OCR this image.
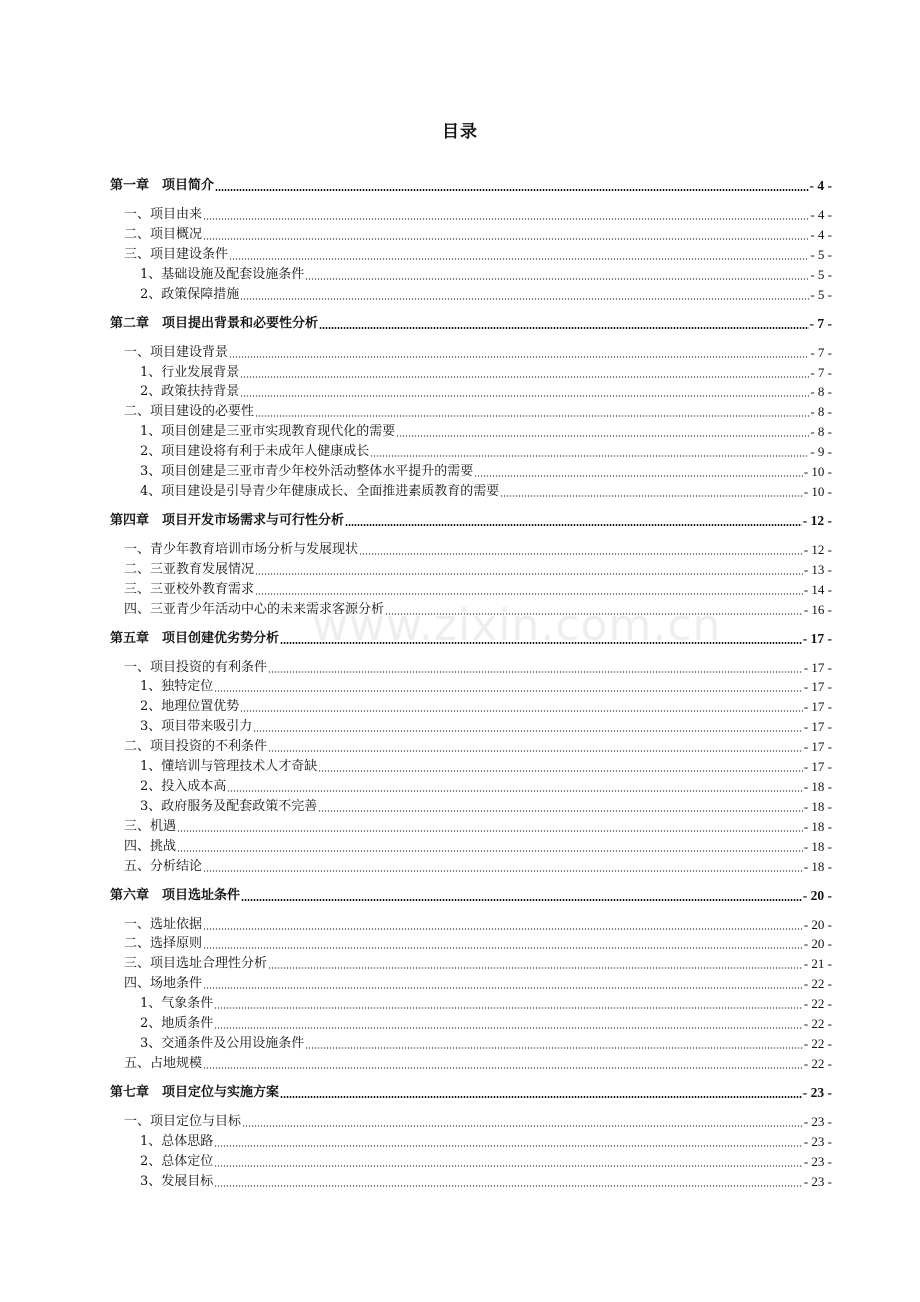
目录
www.zixin.com.cn
第一章　项目简介	- 4 -
一、项目由来	- 4 -
二、项目概况	- 4 -
三、项目建设条件	- 5 -
1、基础设施及配套设施条件	- 5 -
2、政策保障措施	- 5 -
第二章　项目提出背景和必要性分析	- 7 -
一、项目建设背景	- 7 -
1、行业发展背景	- 7 -
2、政策扶持背景	- 8 -
二、项目建设的必要性	- 8 -
1、项目创建是三亚市实现教育现代化的需要	- 8 -
2、项目建设将有利于未成年人健康成长	- 9 -
3、项目创建是三亚市青少年校外活动整体水平提升的需要	- 10 -
4、项目建设是引导青少年健康成长、全面推进素质教育的需要	- 10 -
第四章　项目开发市场需求与可行性分析	- 12 -
一、青少年教育培训市场分析与发展现状	- 12 -
二、三亚教育发展情况	- 13 -
三、三亚校外教育需求	- 14 -
四、三亚青少年活动中心的未来需求客源分析	- 16 -
第五章　项目创建优劣势分析	- 17 -
一、项目投资的有利条件	- 17 -
1、独特定位	- 17 -
2、地理位置优势	- 17 -
3、项目带来吸引力	- 17 -
二、项目投资的不利条件	- 17 -
1、懂培训与管理技术人才奇缺	- 17 -
2、投入成本高	- 18 -
3、政府服务及配套政策不完善	- 18 -
三、机遇	- 18 -
四、挑战	- 18 -
五、分析结论	- 18 -
第六章　项目选址条件	- 20 -
一、选址依据	- 20 -
二、选择原则	- 20 -
三、项目选址合理性分析	- 21 -
四、场地条件	- 22 -
1、气象条件	- 22 -
2、地质条件	- 22 -
3、交通条件及公用设施条件	- 22 -
五、占地规模	- 22 -
第七章　项目定位与实施方案	- 23 -
一、项目定位与目标	- 23 -
1、总体思路	- 23 -
2、总体定位	- 23 -
3、发展目标	- 23 -
